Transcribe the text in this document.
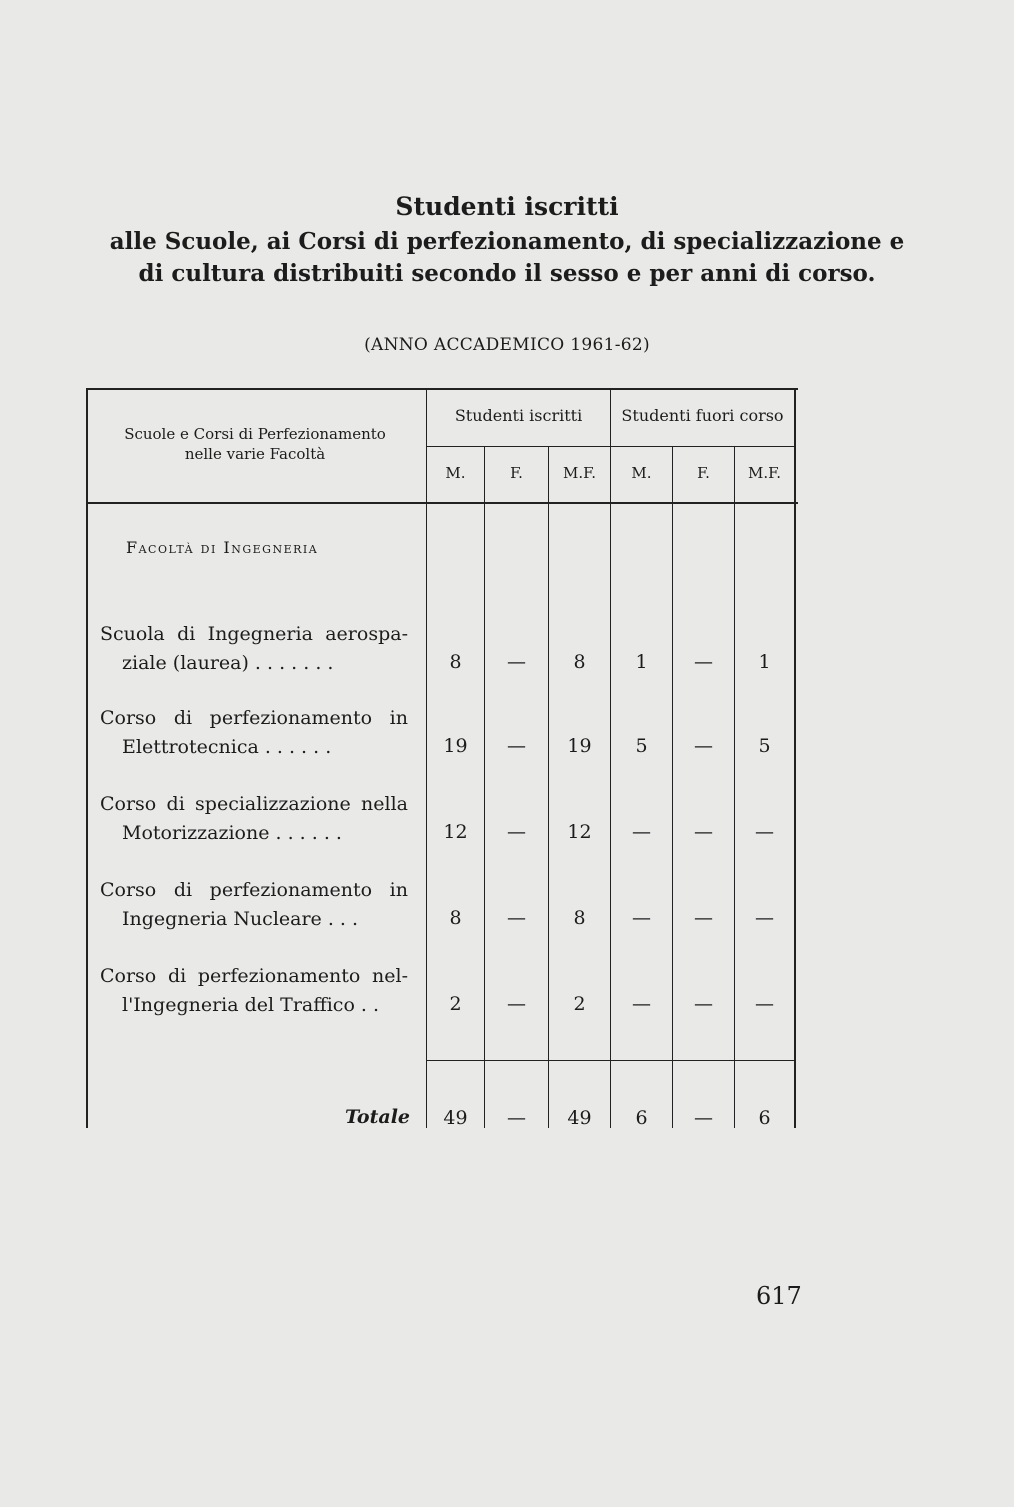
Studenti iscritti
alle Scuole, ai Corsi di perfezionamento, di specializzazione e
di cultura distribuiti secondo il sesso e per anni di corso.
(ANNO ACCADEMICO 1961-62)
Scuole e Corsi di Perfezionamento
nelle varie Facoltà
Studenti iscritti	Studenti fuori corso
M.	F.	M.F.	M.	F.	M.F.
Facoltà di Ingegneria
Scuola di Ingegneria aerospa-
ziale (laurea) . . . . . . .	8	—	8	1	—	1
Corso di perfezionamento in
Elettrotecnica . . . . . .	19	—	19	5	—	5
Corso di specializzazione nella
Motorizzazione . . . . . .	12	—	12	—	—	—
Corso di perfezionamento in
Ingegneria Nucleare . . .	8	—	8	—	—	—
Corso di perfezionamento nel-
l'Ingegneria del Traffico . .	2	—	2	—	—	—
Totale	49	—	49	6	—	6
617
